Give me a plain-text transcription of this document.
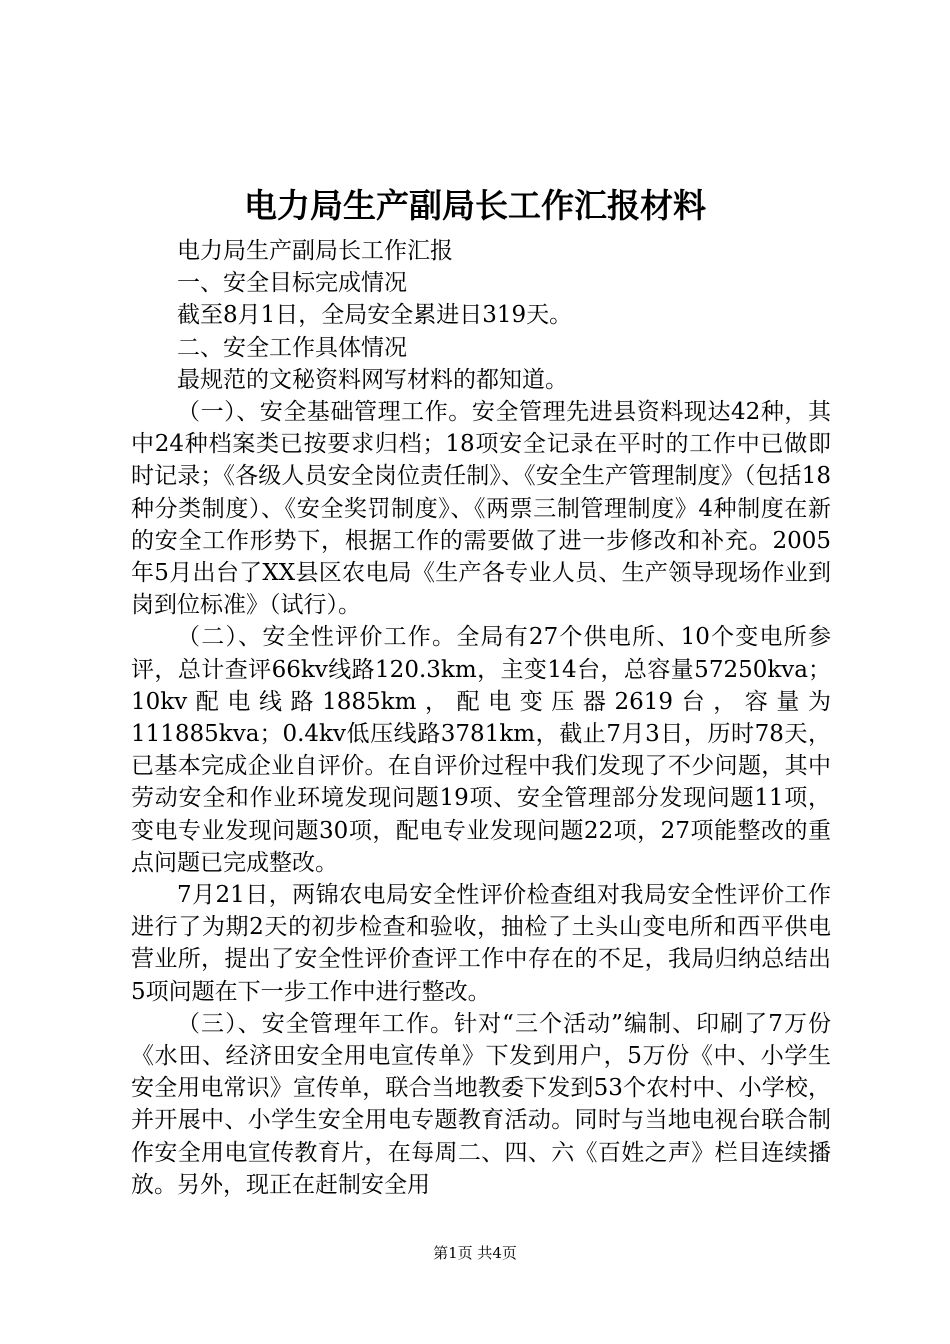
电力局生产副局长工作汇报材料

电力局生产副局长工作汇报

一、安全目标完成情况

截至8月1日，全局安全累进日319天。

二、安全工作具体情况

最规范的文秘资料网写材料的都知道。

（一）、安全基础管理工作。安全管理先进县资料现达42种，其中24种档案类已按要求归档；18项安全记录在平时的工作中已做即时记录；《各级人员安全岗位责任制》、《安全生产管理制度》（包括18种分类制度）、《安全奖罚制度》、《两票三制管理制度》4种制度在新的安全工作形势下，根据工作的需要做了进一步修改和补充。2005年5月出台了XX县区农电局《生产各专业人员、生产领导现场作业到岗到位标准》（试行）。

（二）、安全性评价工作。全局有27个供电所、10个变电所参评，总计查评66kv线路120.3km，主变14台，总容量57250kva；10kv配电线路1885km，配电变压器2619台，容量为111885kva；0.4kv低压线路3781km，截止7月3日，历时78天，已基本完成企业自评价。在自评价过程中我们发现了不少问题，其中劳动安全和作业环境发现问题19项、安全管理部分发现问题11项，变电专业发现问题30项，配电专业发现问题22项，27项能整改的重点问题已完成整改。

7月21日，两锦农电局安全性评价检查组对我局安全性评价工作进行了为期2天的初步检查和验收，抽检了土头山变电所和西平供电营业所，提出了安全性评价查评工作中存在的不足，我局归纳总结出5项问题在下一步工作中进行整改。

（三）、安全管理年工作。针对“三个活动”编制、印刷了7万份《水田、经济田安全用电宣传单》下发到用户，5万份《中、小学生安全用电常识》宣传单，联合当地教委下发到53个农村中、小学校，并开展中、小学生安全用电专题教育活动。同时与当地电视台联合制作安全用电宣传教育片，在每周二、四、六《百姓之声》栏目连续播放。另外，现正在赶制安全用

第1页 共4页
